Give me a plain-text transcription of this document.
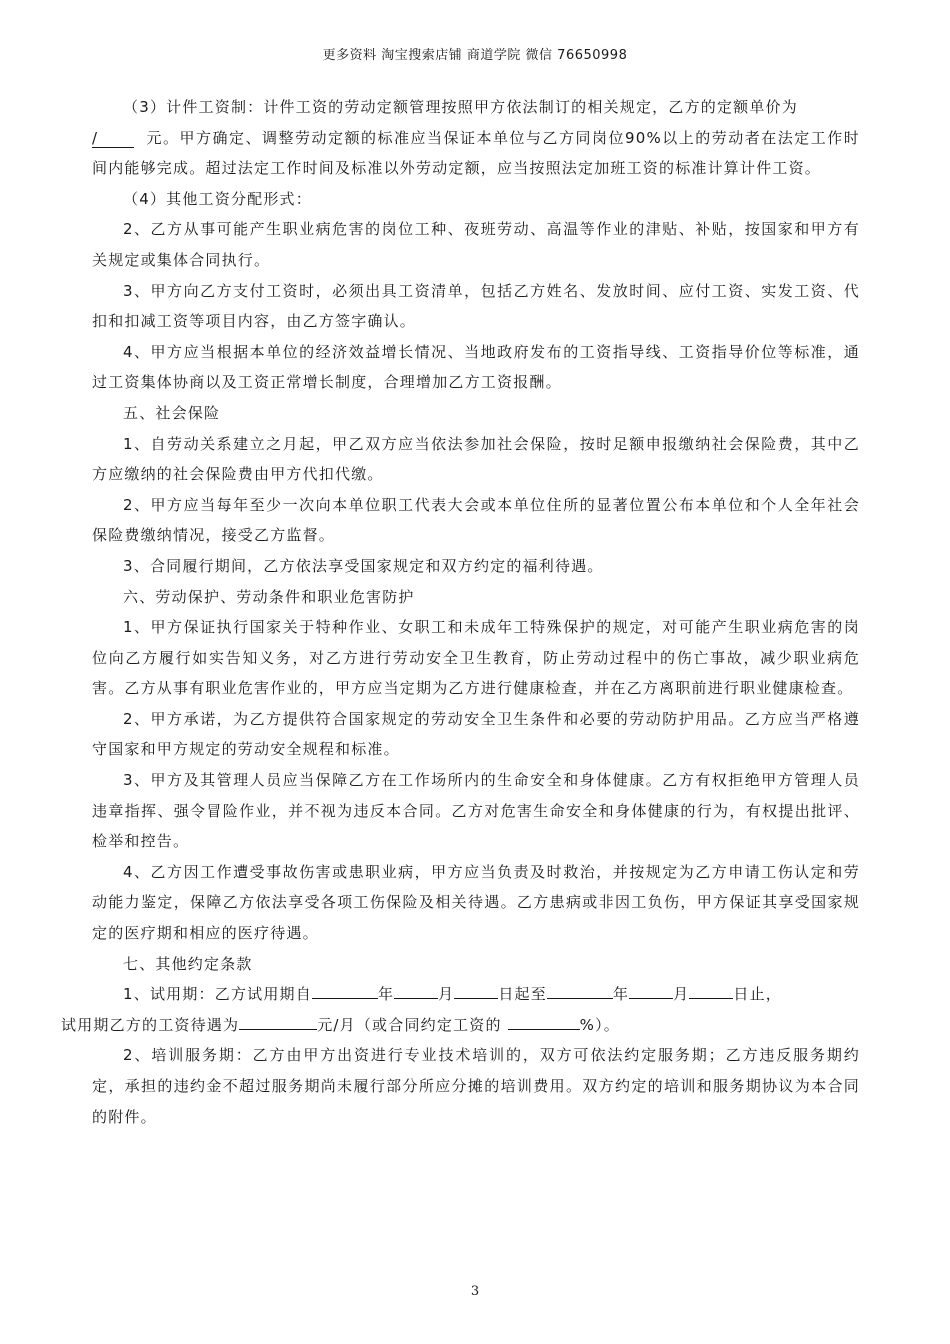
更多资料 淘宝搜索店铺 商道学院 微信 76650998

（3）计件工资制：计件工资的劳动定额管理按照甲方依法制订的相关规定，乙方的定额单价为
/	元。甲方确定、调整劳动定额的标准应当保证本单位与乙方同岗位90%以上的劳动者在法定工作时间内能够完成。超过法定工作时间及标准以外劳动定额，应当按照法定加班工资的标准计算计件工资。

（4）其他工资分配形式：

2、乙方从事可能产生职业病危害的岗位工种、夜班劳动、高温等作业的津贴、补贴，按国家和甲方有关规定或集体合同执行。

3、甲方向乙方支付工资时，必须出具工资清单，包括乙方姓名、发放时间、应付工资、实发工资、代扣和扣减工资等项目内容，由乙方签字确认。

4、甲方应当根据本单位的经济效益增长情况、当地政府发布的工资指导线、工资指导价位等标准，通过工资集体协商以及工资正常增长制度，合理增加乙方工资报酬。

五、社会保险

1、自劳动关系建立之月起，甲乙双方应当依法参加社会保险，按时足额申报缴纳社会保险费，其中乙方应缴纳的社会保险费由甲方代扣代缴。

2、甲方应当每年至少一次向本单位职工代表大会或本单位住所的显著位置公布本单位和个人全年社会保险费缴纳情况，接受乙方监督。

3、合同履行期间，乙方依法享受国家规定和双方约定的福利待遇。

六、劳动保护、劳动条件和职业危害防护

1、甲方保证执行国家关于特种作业、女职工和未成年工特殊保护的规定，对可能产生职业病危害的岗位向乙方履行如实告知义务，对乙方进行劳动安全卫生教育，防止劳动过程中的伤亡事故，减少职业病危害。乙方从事有职业危害作业的，甲方应当定期为乙方进行健康检查，并在乙方离职前进行职业健康检查。

2、甲方承诺，为乙方提供符合国家规定的劳动安全卫生条件和必要的劳动防护用品。乙方应当严格遵守国家和甲方规定的劳动安全规程和标准。

3、甲方及其管理人员应当保障乙方在工作场所内的生命安全和身体健康。乙方有权拒绝甲方管理人员违章指挥、强令冒险作业，并不视为违反本合同。乙方对危害生命安全和身体健康的行为，有权提出批评、检举和控告。

4、乙方因工作遭受事故伤害或患职业病，甲方应当负责及时救治，并按规定为乙方申请工伤认定和劳动能力鉴定，保障乙方依法享受各项工伤保险及相关待遇。乙方患病或非因工负伤，甲方保证其享受国家规定的医疗期和相应的医疗待遇。

七、其他约定条款

1、试用期：乙方试用期自	年	月	日起至	年	月	日止，
试用期乙方的工资待遇为	元/月（或合同约定工资的	%）。

2、培训服务期：乙方由甲方出资进行专业技术培训的，双方可依法约定服务期；乙方违反服务期约定，承担的违约金不超过服务期尚未履行部分所应分摊的培训费用。双方约定的培训和服务期协议为本合同的附件。

3
